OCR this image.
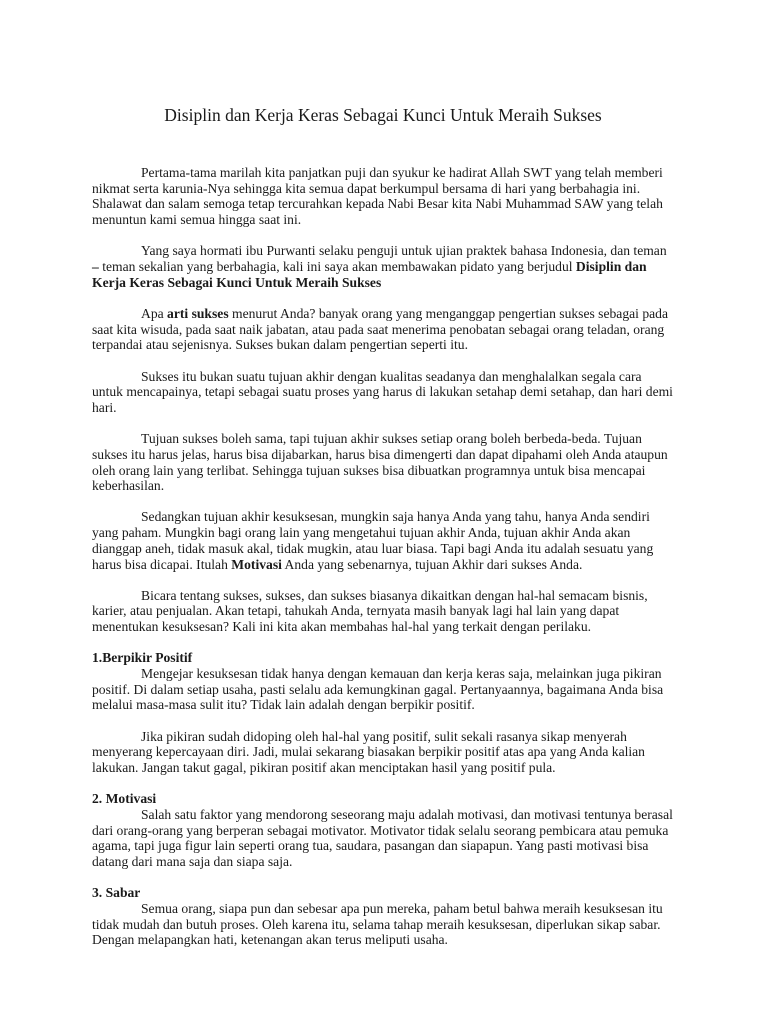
Disiplin dan Kerja Keras Sebagai Kunci Untuk Meraih Sukses

Pertama-tama marilah kita panjatkan puji dan syukur ke hadirat Allah SWT yang telah memberi nikmat serta karunia-Nya sehingga kita semua dapat berkumpul bersama di hari yang berbahagia ini. Shalawat dan salam semoga tetap tercurahkan kepada Nabi Besar kita Nabi Muhammad SAW yang telah menuntun kami semua hingga saat ini.

Yang saya hormati ibu Purwanti selaku penguji untuk ujian praktek bahasa Indonesia, dan teman – teman sekalian yang berbahagia, kali ini saya akan membawakan pidato yang berjudul Disiplin dan Kerja Keras Sebagai Kunci Untuk Meraih Sukses

Apa arti sukses menurut Anda? banyak orang yang menganggap pengertian sukses sebagai pada saat kita wisuda, pada saat naik jabatan, atau pada saat menerima penobatan sebagai orang teladan, orang terpandai atau sejenisnya. Sukses bukan dalam pengertian seperti itu.

Sukses itu bukan suatu tujuan akhir dengan kualitas seadanya dan menghalalkan segala cara untuk mencapainya, tetapi sebagai suatu proses yang harus di lakukan setahap demi setahap, dan hari demi hari.

Tujuan sukses boleh sama, tapi tujuan akhir sukses setiap orang boleh berbeda-beda. Tujuan sukses itu harus jelas, harus bisa dijabarkan, harus bisa dimengerti dan dapat dipahami oleh Anda ataupun oleh orang lain yang terlibat. Sehingga tujuan sukses bisa dibuatkan programnya untuk bisa mencapai keberhasilan.

Sedangkan tujuan akhir kesuksesan, mungkin saja hanya Anda yang tahu, hanya Anda sendiri yang paham. Mungkin bagi orang lain yang mengetahui tujuan akhir Anda, tujuan akhir Anda akan dianggap aneh, tidak masuk akal, tidak mugkin, atau luar biasa. Tapi bagi Anda itu adalah sesuatu yang harus bisa dicapai. Itulah Motivasi Anda yang sebenarnya, tujuan Akhir dari sukses Anda.

Bicara tentang sukses, sukses, dan sukses biasanya dikaitkan dengan hal-hal semacam bisnis, karier, atau penjualan. Akan tetapi, tahukah Anda, ternyata masih banyak lagi hal lain yang dapat menentukan kesuksesan? Kali ini kita akan membahas hal-hal yang terkait dengan perilaku.

1.Berpikir Positif

Mengejar kesuksesan tidak hanya dengan kemauan dan kerja keras saja, melainkan juga pikiran positif. Di dalam setiap usaha, pasti selalu ada kemungkinan gagal. Pertanyaannya, bagaimana Anda bisa melalui masa-masa sulit itu? Tidak lain adalah dengan berpikir positif.

Jika pikiran sudah didoping oleh hal-hal yang positif, sulit sekali rasanya sikap menyerah menyerang kepercayaan diri. Jadi, mulai sekarang biasakan berpikir positif atas apa yang Anda kalian lakukan. Jangan takut gagal, pikiran positif akan menciptakan hasil yang positif pula.

2. Motivasi

Salah satu faktor yang mendorong seseorang maju adalah motivasi, dan motivasi tentunya berasal dari orang-orang yang berperan sebagai motivator. Motivator tidak selalu seorang pembicara atau pemuka agama, tapi juga figur lain seperti orang tua, saudara, pasangan dan siapapun. Yang pasti motivasi bisa datang dari mana saja dan siapa saja.

3. Sabar

Semua orang, siapa pun dan sebesar apa pun mereka, paham betul bahwa meraih kesuksesan itu tidak mudah dan butuh proses. Oleh karena itu, selama tahap meraih kesuksesan, diperlukan sikap sabar. Dengan melapangkan hati, ketenangan akan terus meliputi usaha.
